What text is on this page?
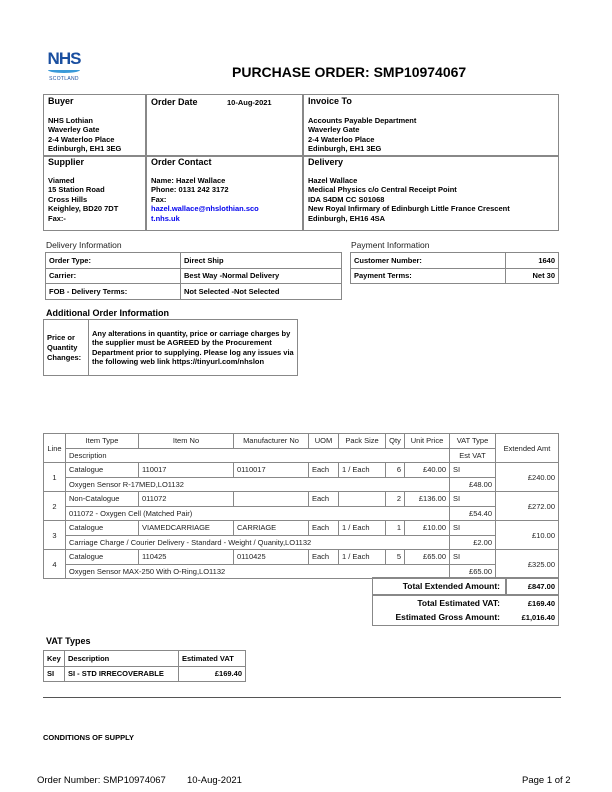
NHS
SCOTLAND	PURCHASE ORDER: SMP10974067
Buyer
NHS Lothian
Waverley Gate
2-4 Waterloo Place
Edinburgh, EH1 3EG
Order Date	10-Aug-2021	Invoice To
Accounts Payable Department
Waverley Gate
2-4 Waterloo Place
Edinburgh, EH1 3EG
Supplier
Viamed
15 Station Road
Cross Hills
Keighley, BD20 7DT
Fax:-
Order Contact
Name: Hazel Wallace
Phone: 0131 242 3172
Fax:
hazel.wallace@nhslothian.scot.nhs.uk
Delivery
Hazel Wallace
Medical Physics c/o Central Receipt Point
IDA S4DM CC S01068
New Royal Infirmary of Edinburgh Little France Crescent
Edinburgh, EH16 4SA
Delivery Information
Order Type:	Direct Ship
Carrier:	Best Way -Normal Delivery
FOB - Delivery Terms:	Not Selected -Not Selected
Payment Information
Customer Number:	1640
Payment Terms:	Net 30
Additional Order Information
Price or Quantity Changes:	Any alterations in quantity, price or carriage charges by the supplier must be AGREED by the Procurement Department prior to supplying. Please log any issues via the following web link https://tinyurl.com/nhslon
Line	Item Type	Item No	Manufacturer No	UOM	Pack Size	Qty	Unit Price	VAT Type	Extended Amt
	Description							Est VAT	
1	Catalogue	110017	0110017	Each	1 / Each	6	£40.00	SI	£240.00
	Oxygen Sensor R-17MED,LO1132							£48.00	
2	Non-Catalogue	011072		Each		2	£136.00	SI	£272.00
	011072 - Oxygen Cell (Matched Pair)							£54.40	
3	Catalogue	VIAMEDCARRIAGE	CARRIAGE	Each	1 / Each	1	£10.00	SI	£10.00
	Carriage Charge / Courier Delivery - Standard - Weight / Quanity,LO1132							£2.00	
4	Catalogue	110425	0110425	Each	1 / Each	5	£65.00	SI	£325.00
	Oxygen Sensor MAX-250 With O-Ring,LO1132							£65.00	
Total Extended Amount:	£847.00
Total Estimated VAT:	£169.40
Estimated Gross Amount:	£1,016.40
VAT Types
Key	Description	Estimated VAT
SI	SI - STD IRRECOVERABLE	£169.40
CONDITIONS OF SUPPLY
Order Number: SMP10974067 10-Aug-2021	Page 1 of 2
